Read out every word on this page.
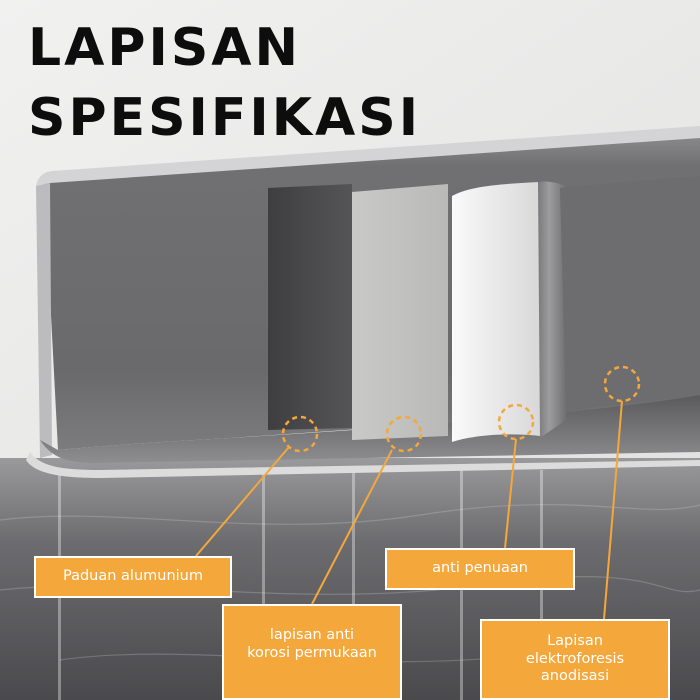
LAPISAN
SPESIFIKASI
Paduan alumunium	anti penuaan
lapisan anti
korosi permukaan
Lapisan
elektroforesis
anodisasi
